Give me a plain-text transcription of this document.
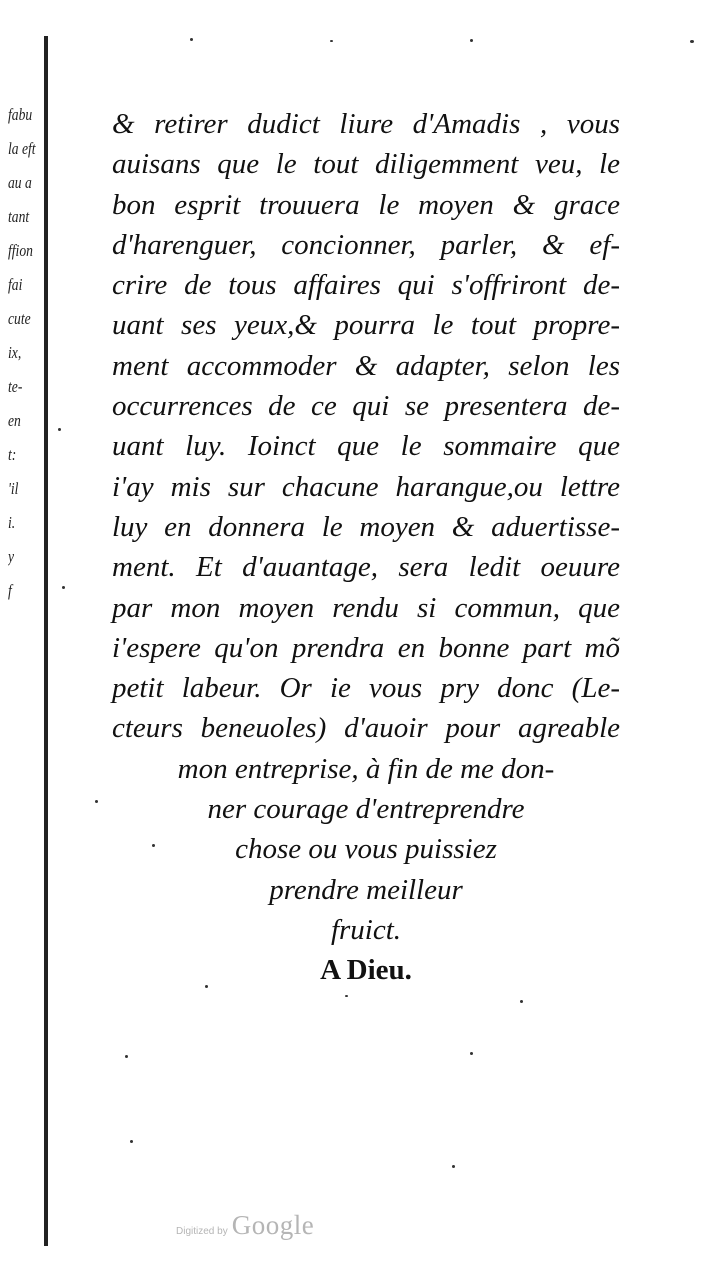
fabu
la eft
au a
tant
ffion
fai
cute
ix,
te-
en
t:
'il
i.
y
f
& retirer dudict liure d'Amadis , vous
auisans que le tout diligemment veu, le
bon esprit trouuera le moyen & grace
d'harenguer, concionner, parler, & ef-
crire de tous affaires qui s'offriront de-
uant ses yeux,& pourra le tout propre-
ment accommoder & adapter, selon les
occurrences de ce qui se presentera de-
uant luy. Ioinct que le sommaire que
i'ay mis sur chacune harangue,ou lettre
luy en donnera le moyen & aduertisse-
ment. Et d'auantage, sera ledit oeuure
par mon moyen rendu si commun, que
i'espere qu'on prendra en bonne part mõ
petit labeur. Or ie vous pry donc (Le-
cteurs beneuoles) d'auoir pour agreable
mon entreprise, à fin de me don-
ner courage d'entreprendre
chose ou vous puissiez
prendre meilleur
fruict.
A Dieu.
Digitized by Google
